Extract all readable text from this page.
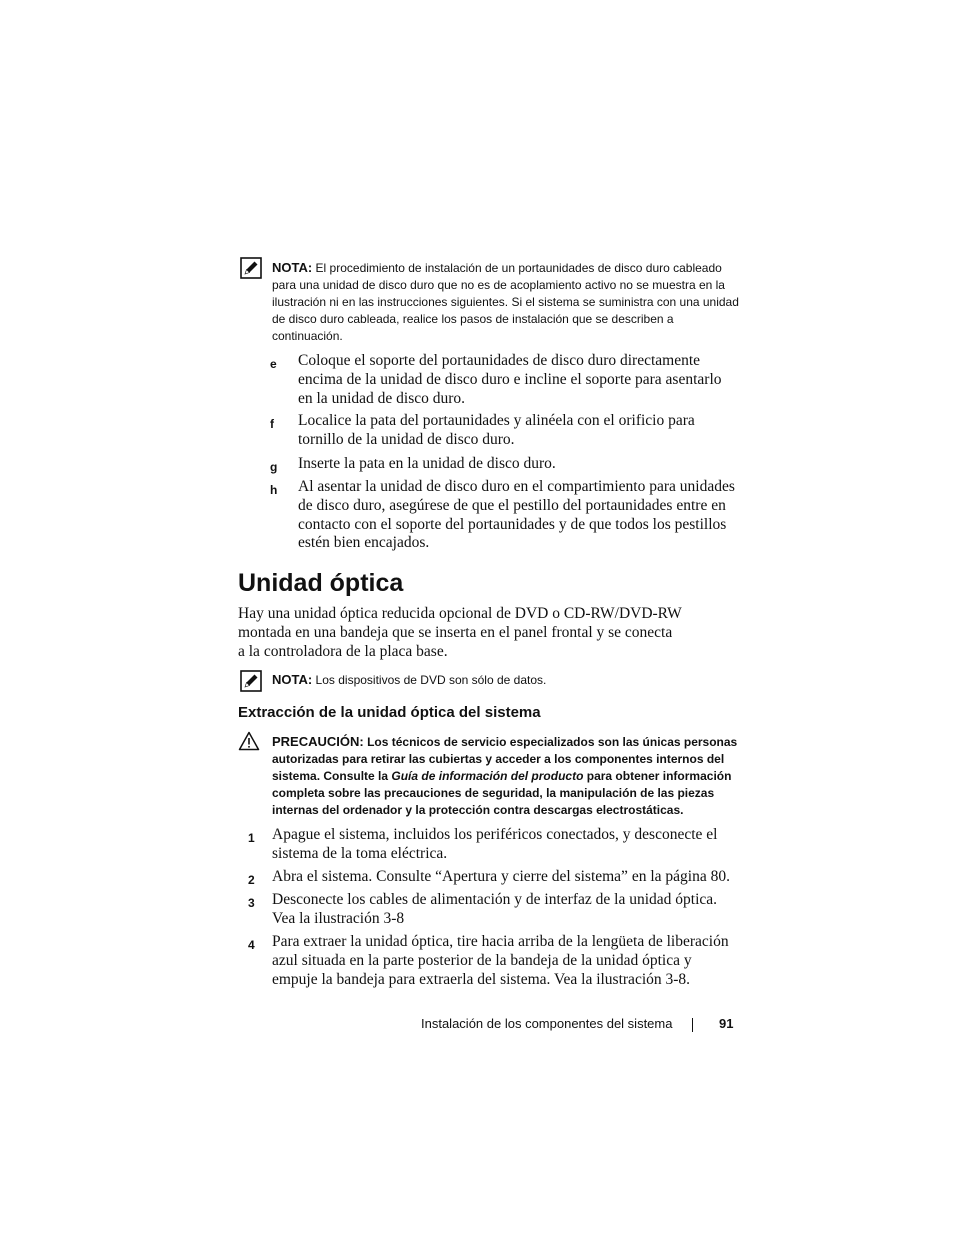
NOTA: El procedimiento de instalación de un portaunidades de disco duro cableado para una unidad de disco duro que no es de acoplamiento activo no se muestra en la ilustración ni en las instrucciones siguientes. Si el sistema se suministra con una unidad de disco duro cableada, realice los pasos de instalación que se describen a continuación.
e Coloque el soporte del portaunidades de disco duro directamente encima de la unidad de disco duro e incline el soporte para asentarlo en la unidad de disco duro.
f Localice la pata del portaunidades y alinéela con el orificio para tornillo de la unidad de disco duro.
g Inserte la pata en la unidad de disco duro.
h Al asentar la unidad de disco duro en el compartimiento para unidades de disco duro, asegúrese de que el pestillo del portaunidades entre en contacto con el soporte del portaunidades y de que todos los pestillos estén bien encajados.
Unidad óptica

Hay una unidad óptica reducida opcional de DVD o CD-RW/DVD-RW
montada en una bandeja que se inserta en el panel frontal y se conecta
a la controladora de la placa base.

NOTA: Los dispositivos de DVD son sólo de datos.
Extracción de la unidad óptica del sistema
PRECAUCIÓN: Los técnicos de servicio especializados son las únicas personas autorizadas para retirar las cubiertas y acceder a los componentes internos del sistema. Consulte la Guía de información del producto para obtener información completa sobre las precauciones de seguridad, la manipulación de las piezas internas del ordenador y la protección contra descargas electrostáticas.
1 Apague el sistema, incluidos los periféricos conectados, y desconecte el sistema de la toma eléctrica.
2 Abra el sistema. Consulte “Apertura y cierre del sistema” en la página 80.
3 Desconecte los cables de alimentación y de interfaz de la unidad óptica. Vea la ilustración 3-8
4 Para extraer la unidad óptica, tire hacia arriba de la lengüeta de liberación azul situada en la parte posterior de la bandeja de la unidad óptica y empuje la bandeja para extraerla del sistema. Vea la ilustración 3-8.
Instalación de los componentes del sistema	91
